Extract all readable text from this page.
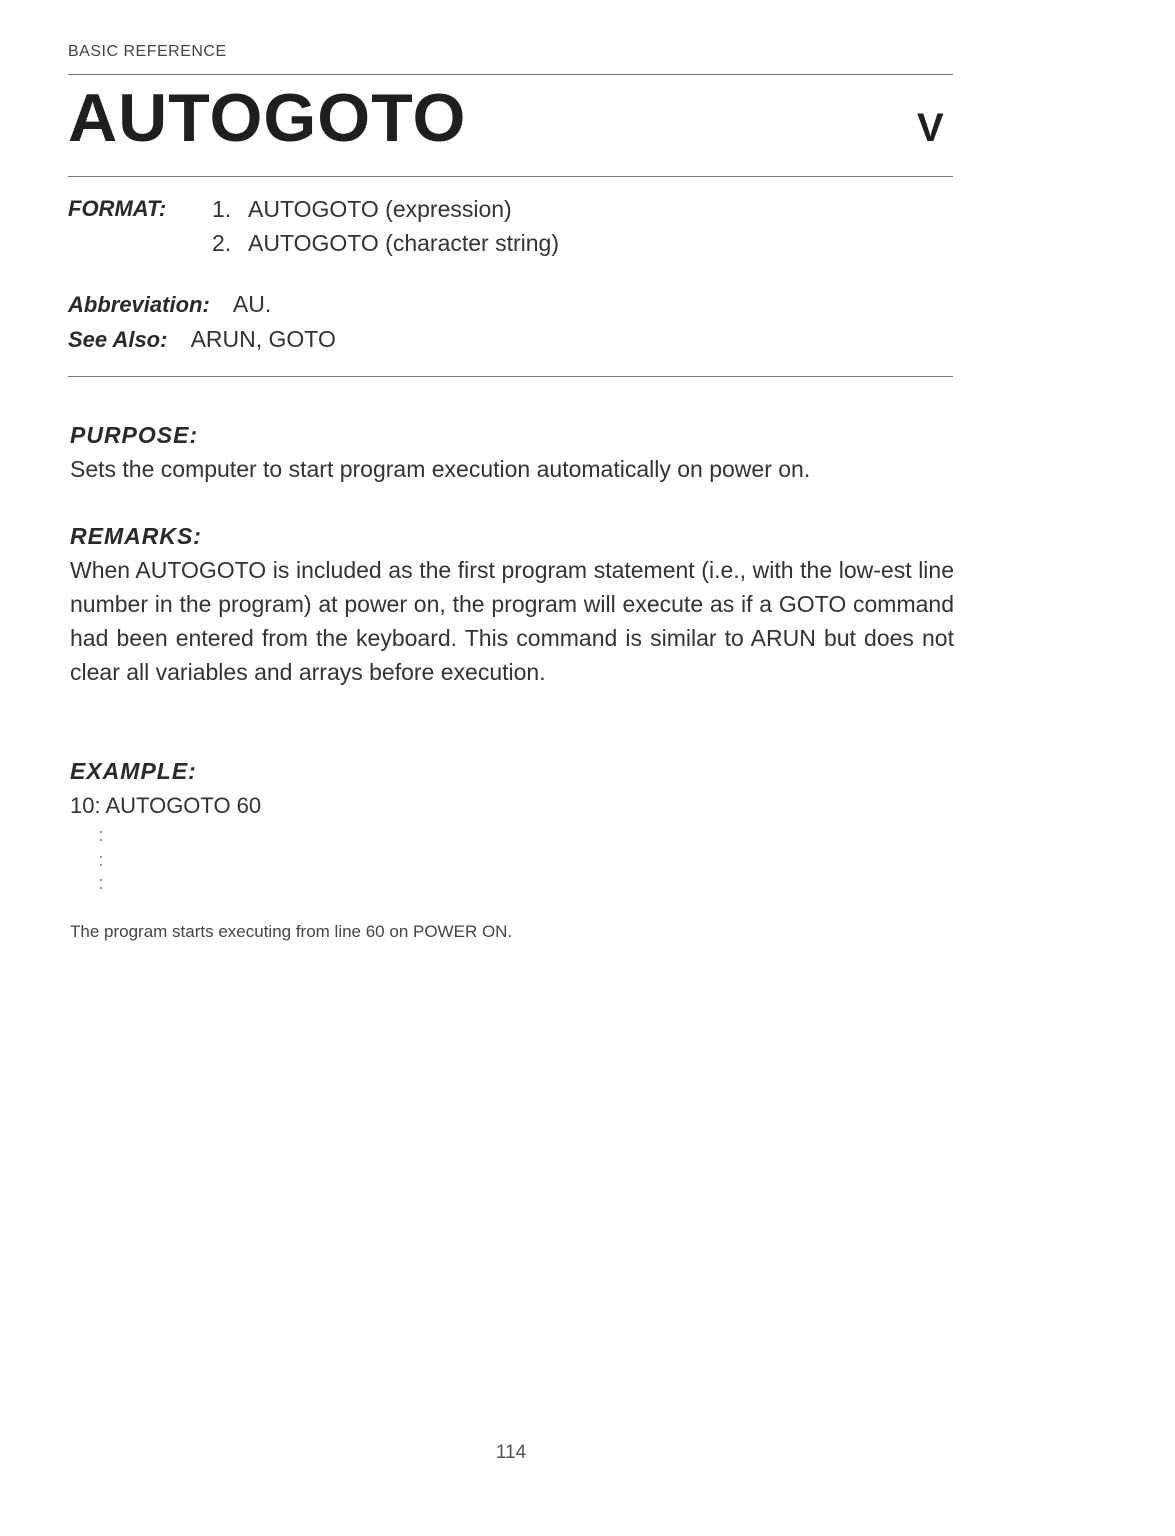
BASIC REFERENCE
AUTOGOTO	V
FORMAT: 1. AUTOGOTO (expression)
2. AUTOGOTO (character string)
Abbreviation: AU.
See Also: ARUN, GOTO
PURPOSE:
Sets the computer to start program execution automatically on power on.
REMARKS:
When AUTOGOTO is included as the first program statement (i.e., with the low-est line number in the program) at power on, the program will execute as if a GOTO command had been entered from the keyboard. This command is similar to ARUN but does not clear all variables and arrays before execution.
EXAMPLE:
10: AUTOGOTO 60
The program starts executing from line 60 on POWER ON.
114
